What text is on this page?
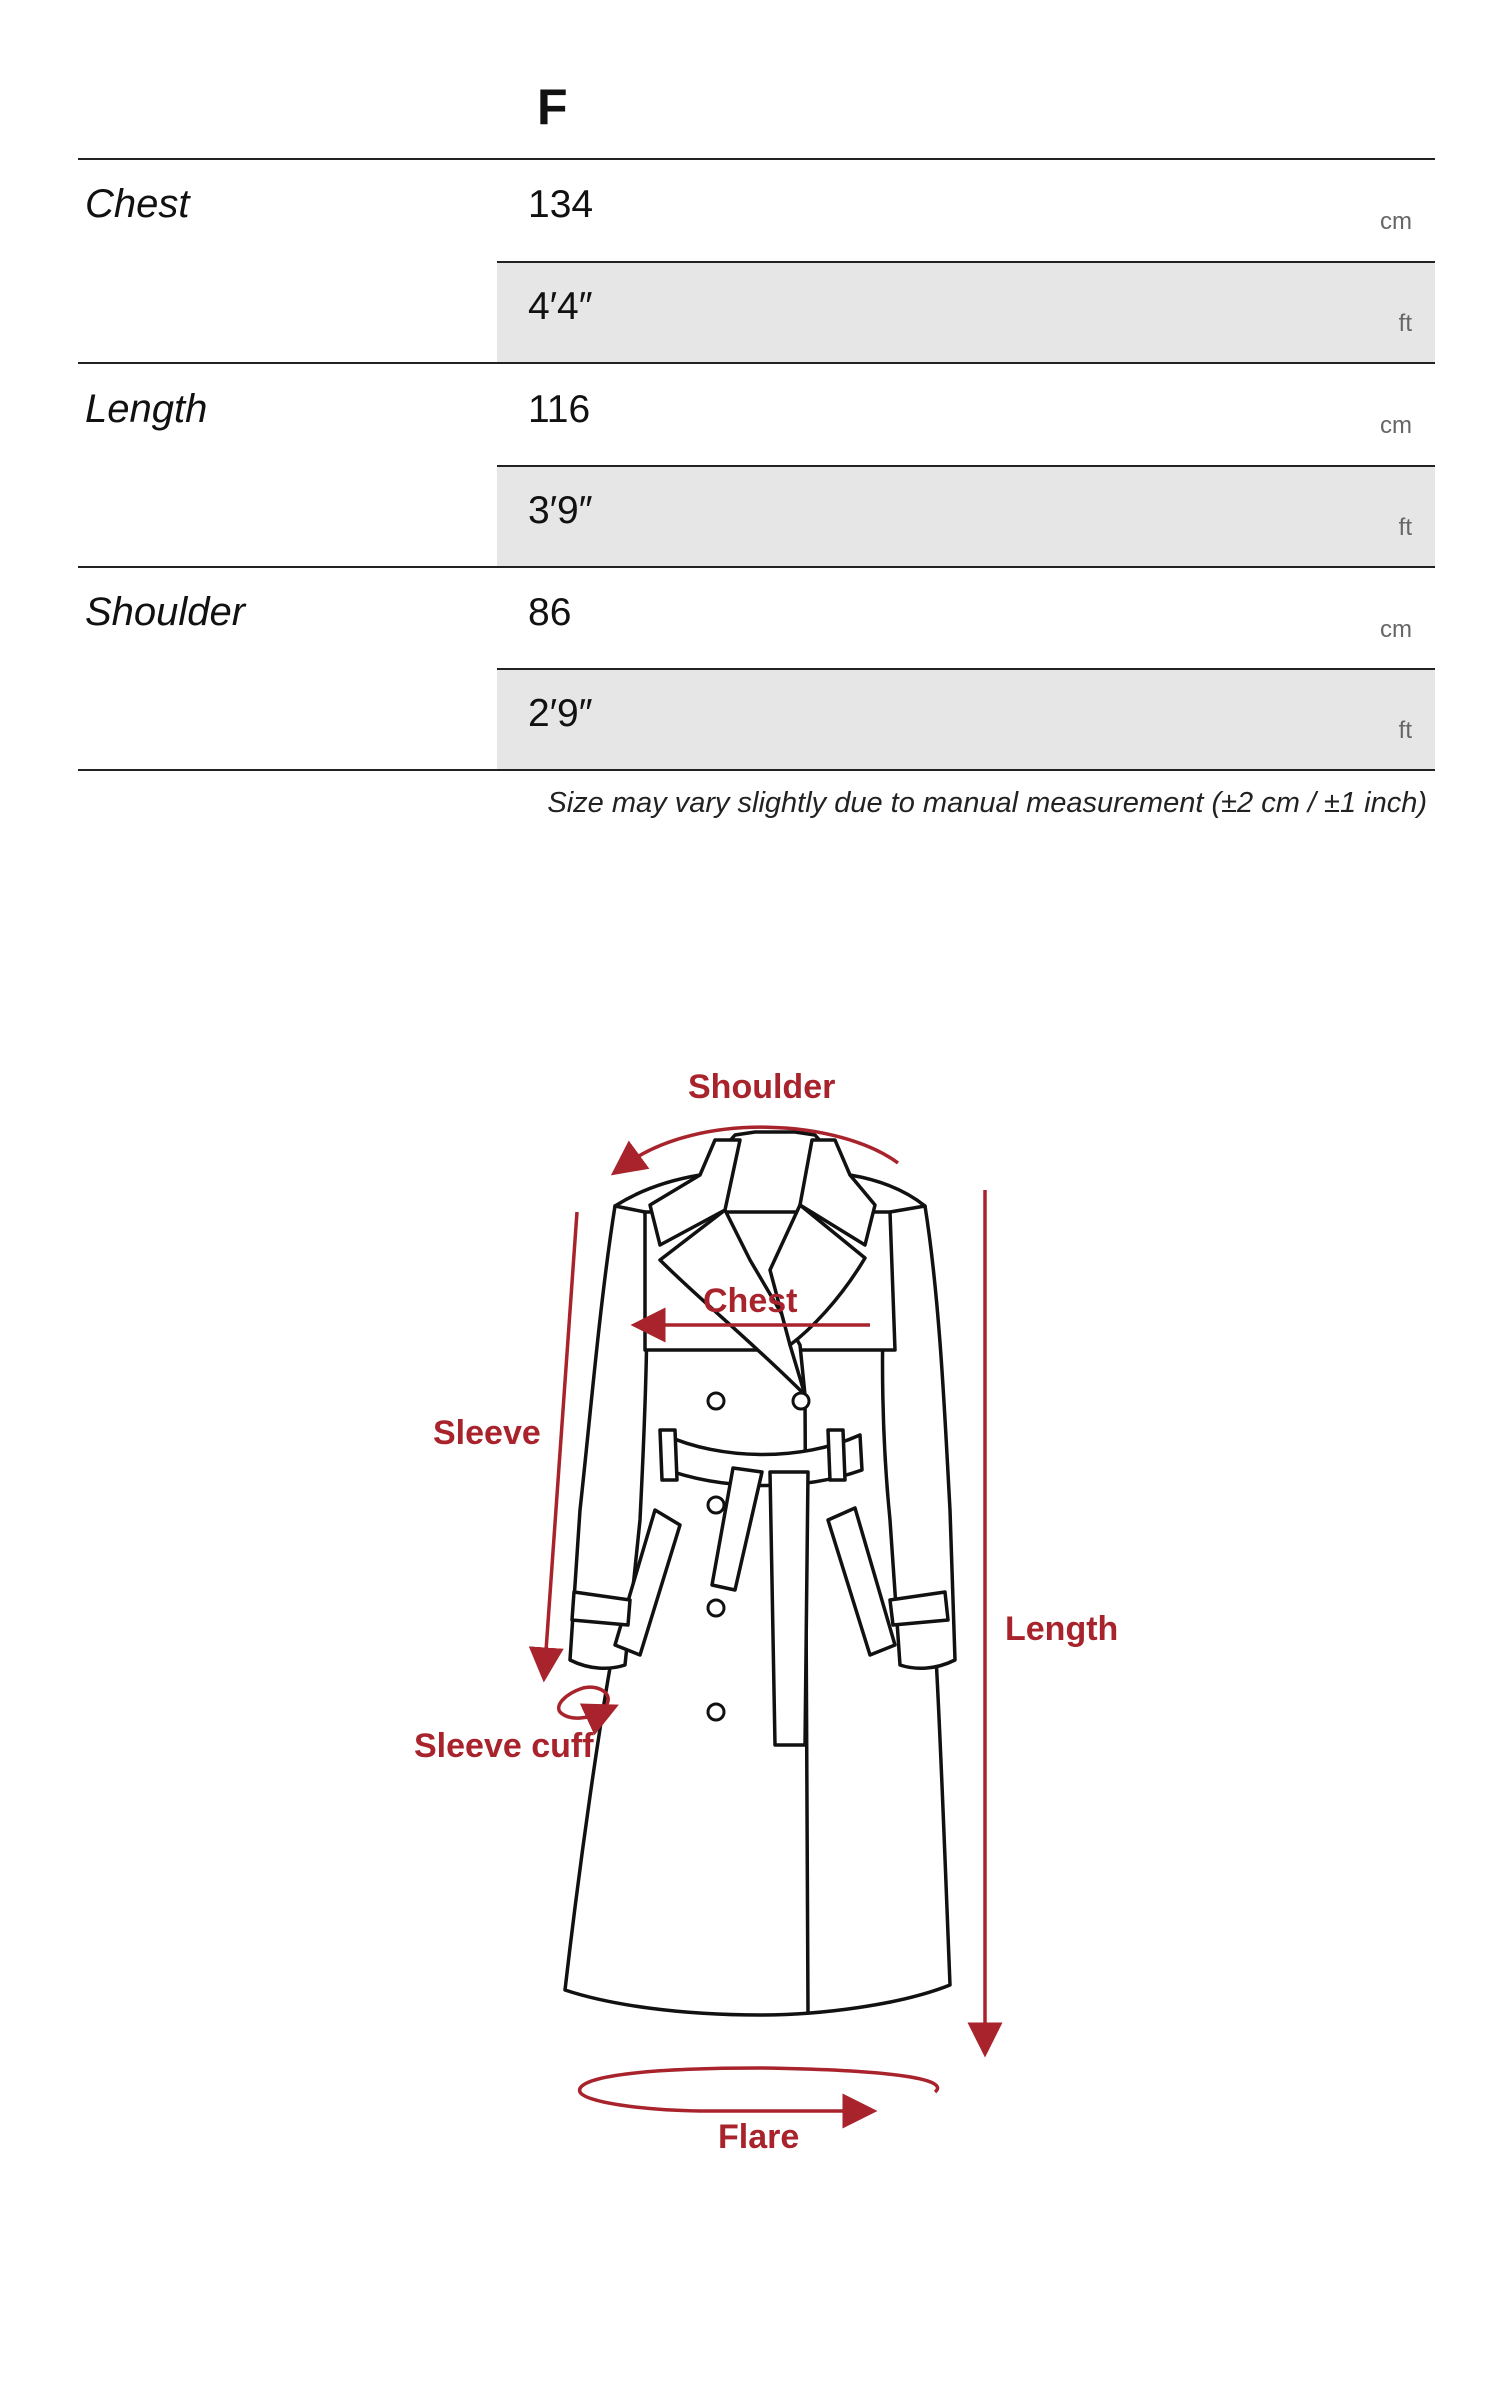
F
Chest	134	cm
4′4″	ft
Length	116	cm
3′9″	ft
Shoulder	86	cm
2′9″	ft
Size may vary slightly due to manual measurement (±2 cm / ±1 inch)
Shoulder
Chest
Sleeve
Length
Sleeve cuff
Flare
